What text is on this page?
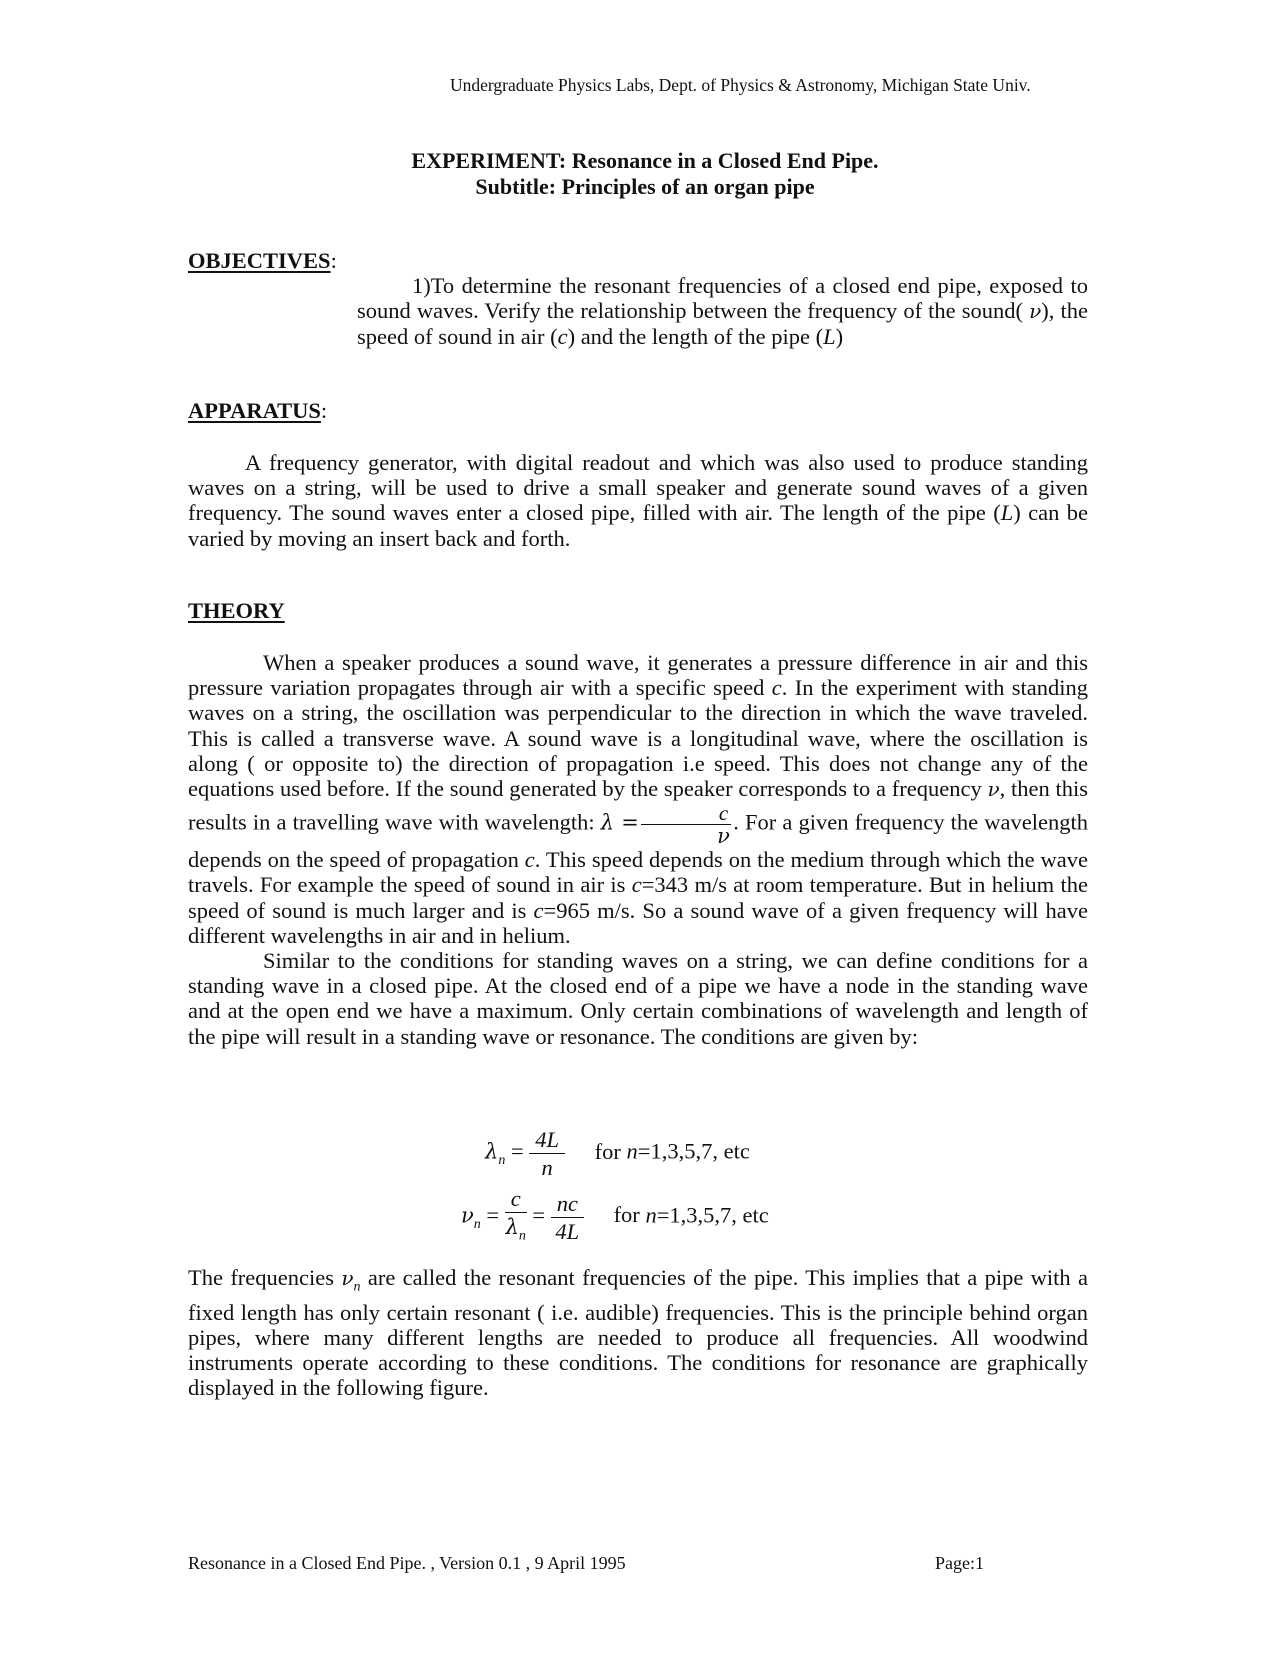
Undergraduate Physics Labs, Dept. of Physics & Astronomy, Michigan State Univ.
EXPERIMENT: Resonance in a Closed End Pipe.
Subtitle: Principles of an organ pipe
OBJECTIVES:

1)To determine the resonant frequencies of a closed end pipe, exposed to sound waves. Verify the relationship between the frequency of the sound( ν), the speed of sound in air (c) and the length of the pipe (L)

APPARATUS:

A frequency generator, with digital readout and which was also used to produce standing waves on a string, will be used to drive a small speaker and generate sound waves of a given frequency. The sound waves enter a closed pipe, filled with air. The length of the pipe (L) can be varied by moving an insert back and forth.

THEORY

When a speaker produces a sound wave, it generates a pressure difference in air and this pressure variation propagates through air with a specific speed c. In the experiment with standing waves on a string, the oscillation was perpendicular to the direction in which the wave traveled. This is called a transverse wave. A sound wave is a longitudinal wave, where the oscillation is along ( or opposite to) the direction of propagation i.e speed. This does not change any of the equations used before. If the sound generated by the speaker corresponds to a frequency ν, then this results in a travelling wave with wavelength: $\lambda = \frac{c}{\nu}$ . For a given frequency the wavelength depends on the speed of propagation c. This speed depends on the medium through which the wave travels. For example the speed of sound in air is c=343 m/s at room temperature. But in helium the speed of sound is much larger and is c=965 m/s. So a sound wave of a given frequency will have different wavelengths in air and in helium.

Similar to the conditions for standing waves on a string, we can define conditions for a standing wave in a closed pipe. At the closed end of a pipe we have a node in the standing wave and at the open end we have a maximum. Only certain combinations of wavelength and length of the pipe will result in a standing wave or resonance. The conditions are given by:

$\lambda_n = \frac{4L}{n}$ for n=1,3,5,7, etc
$\nu_n = \frac{c}{\lambda_n} = \frac{nc}{4L}$ for n=1,3,5,7, etc

The frequencies $\nu_n$ are called the resonant frequencies of the pipe. This implies that a pipe with a fixed length has only certain resonant ( i.e. audible) frequencies. This is the principle behind organ pipes, where many different lengths are needed to produce all frequencies. All woodwind instruments operate according to these conditions. The conditions for resonance are graphically displayed in the following figure.

Resonance in a Closed End Pipe. , Version 0.1 , 9 April 1995	Page:1
